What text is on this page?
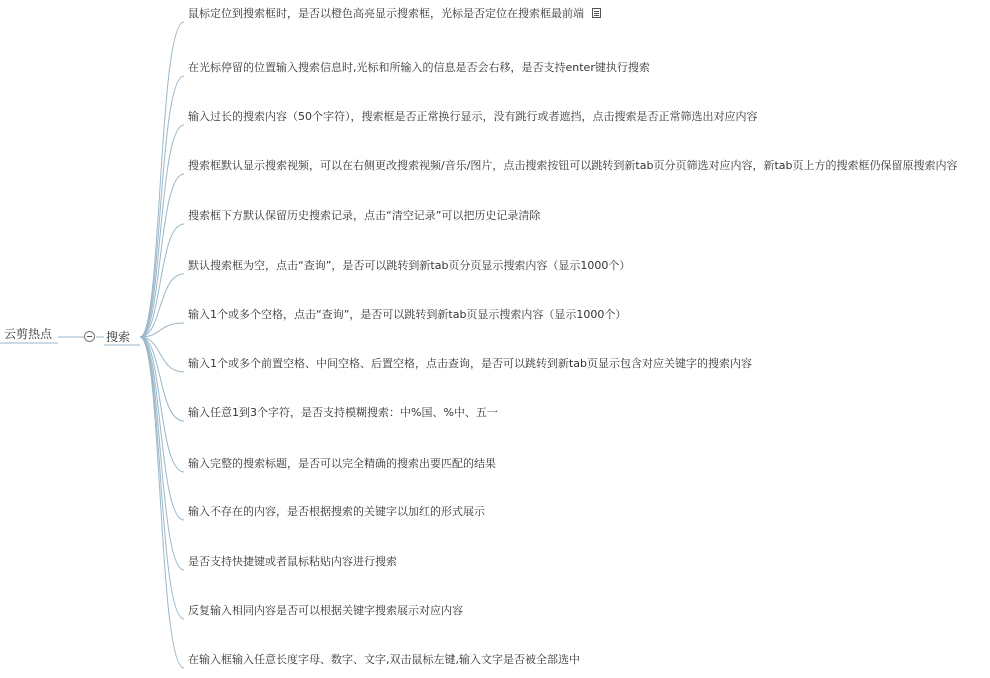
云剪热点	搜索
鼠标定位到搜索框时，是否以橙色高亮显示搜索框，光标是否定位在搜索框最前端
在光标停留的位置输入搜索信息时,光标和所输入的信息是否会右移，是否支持enter键执行搜索
输入过长的搜索内容（50个字符），搜索框是否正常换行显示，没有跳行或者遮挡，点击搜索是否正常筛选出对应内容
搜索框默认显示搜索视频，可以在右侧更改搜索视频/音乐/图片，点击搜索按钮可以跳转到新tab页分页筛选对应内容，新tab页上方的搜索框仍保留原搜索内容
搜索框下方默认保留历史搜索记录，点击“清空记录”可以把历史记录清除
默认搜索框为空，点击“查询”，是否可以跳转到新tab页分页显示搜索内容（显示1000个）
输入1个或多个空格，点击“查询”，是否可以跳转到新tab页显示搜索内容（显示1000个）
输入1个或多个前置空格、中间空格、后置空格，点击查询，是否可以跳转到新tab页显示包含对应关键字的搜索内容
输入任意1到3个字符，是否支持模糊搜索：中%国、%中、五一
输入完整的搜索标题，是否可以完全精确的搜索出要匹配的结果
输入不存在的内容，是否根据搜索的关键字以加红的形式展示
是否支持快捷键或者鼠标粘贴内容进行搜索
反复输入相同内容是否可以根据关键字搜索展示对应内容
在输入框输入任意长度字母、数字、文字,双击鼠标左键,输入文字是否被全部选中
